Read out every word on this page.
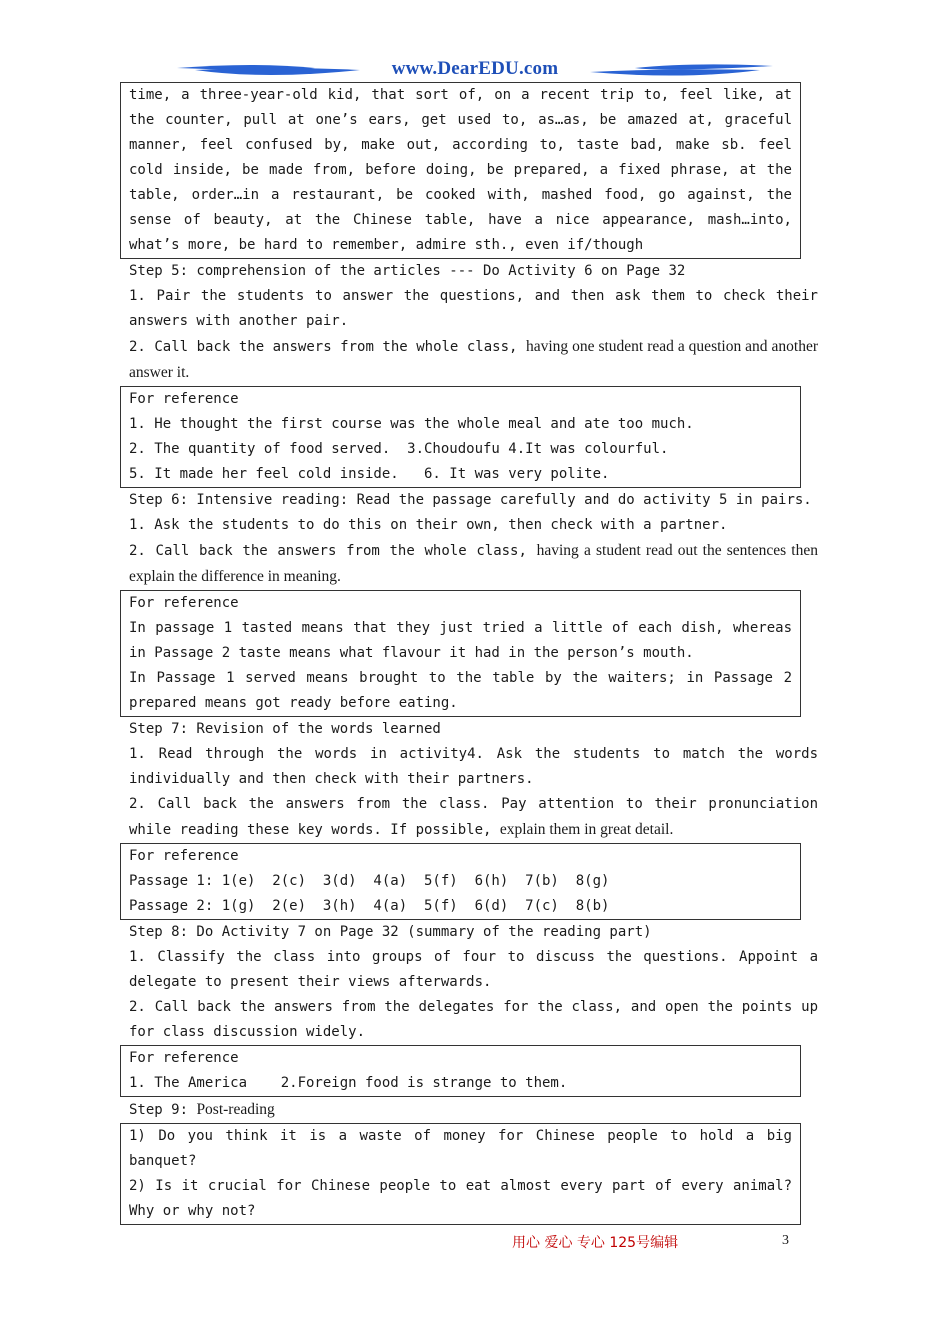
www.DearEDU.com
time, a three-year-old kid, that sort of, on a recent trip to, feel like, at the counter, pull at one’s ears, get used to, as…as, be amazed at, graceful manner, feel confused by, make out, according to, taste bad, make sb. feel cold inside, be made from, before doing, be prepared, a fixed phrase, at the table, order…in a restaurant, be cooked with, mashed food, go against, the sense of beauty, at the Chinese table, have a nice appearance, mash…into, what’s more, be hard to remember, admire sth., even if/though
Step 5: comprehension of the articles --- Do Activity 6 on Page 32
1. Pair the students to answer the questions, and then ask them to check their answers with another pair.
2. Call back the answers from the whole class, having one student read a question and another answer it.
For reference
1. He thought the first course was the whole meal and ate too much.
2. The quantity of food served.  3.Choudoufu 4.It was colourful.
5. It made her feel cold inside.   6. It was very polite.
Step 6: Intensive reading: Read the passage carefully and do activity 5 in pairs.
1. Ask the students to do this on their own, then check with a partner.
2. Call back the answers from the whole class, having a student read out the sentences then explain the difference in meaning.
For reference
In passage 1 tasted means that they just tried a little of each dish, whereas in Passage 2 taste means what flavour it had in the person’s mouth.
In Passage 1 served means brought to the table by the waiters; in Passage 2 prepared means got ready before eating.
Step 7: Revision of the words learned
1. Read through the words in activity4. Ask the students to match the words individually and then check with their partners.
2. Call back the answers from the class. Pay attention to their pronunciation while reading these key words. If possible, explain them in great detail.
For reference
Passage 1: 1(e)  2(c)  3(d)  4(a)  5(f)  6(h)  7(b)  8(g)
Passage 2: 1(g)  2(e)  3(h)  4(a)  5(f)  6(d)  7(c)  8(b)
Step 8: Do Activity 7 on Page 32 (summary of the reading part)
1. Classify the class into groups of four to discuss the questions. Appoint a delegate to present their views afterwards.
2. Call back the answers from the delegates for the class, and open the points up for class discussion widely.
For reference
1. The America    2.Foreign food is strange to them.
Step 9: Post-reading
1) Do you think it is a waste of money for Chinese people to hold a big banquet?
2) Is it crucial for Chinese people to eat almost every part of every animal? Why or why not?
用心 爱心 专心 125号编辑	3
